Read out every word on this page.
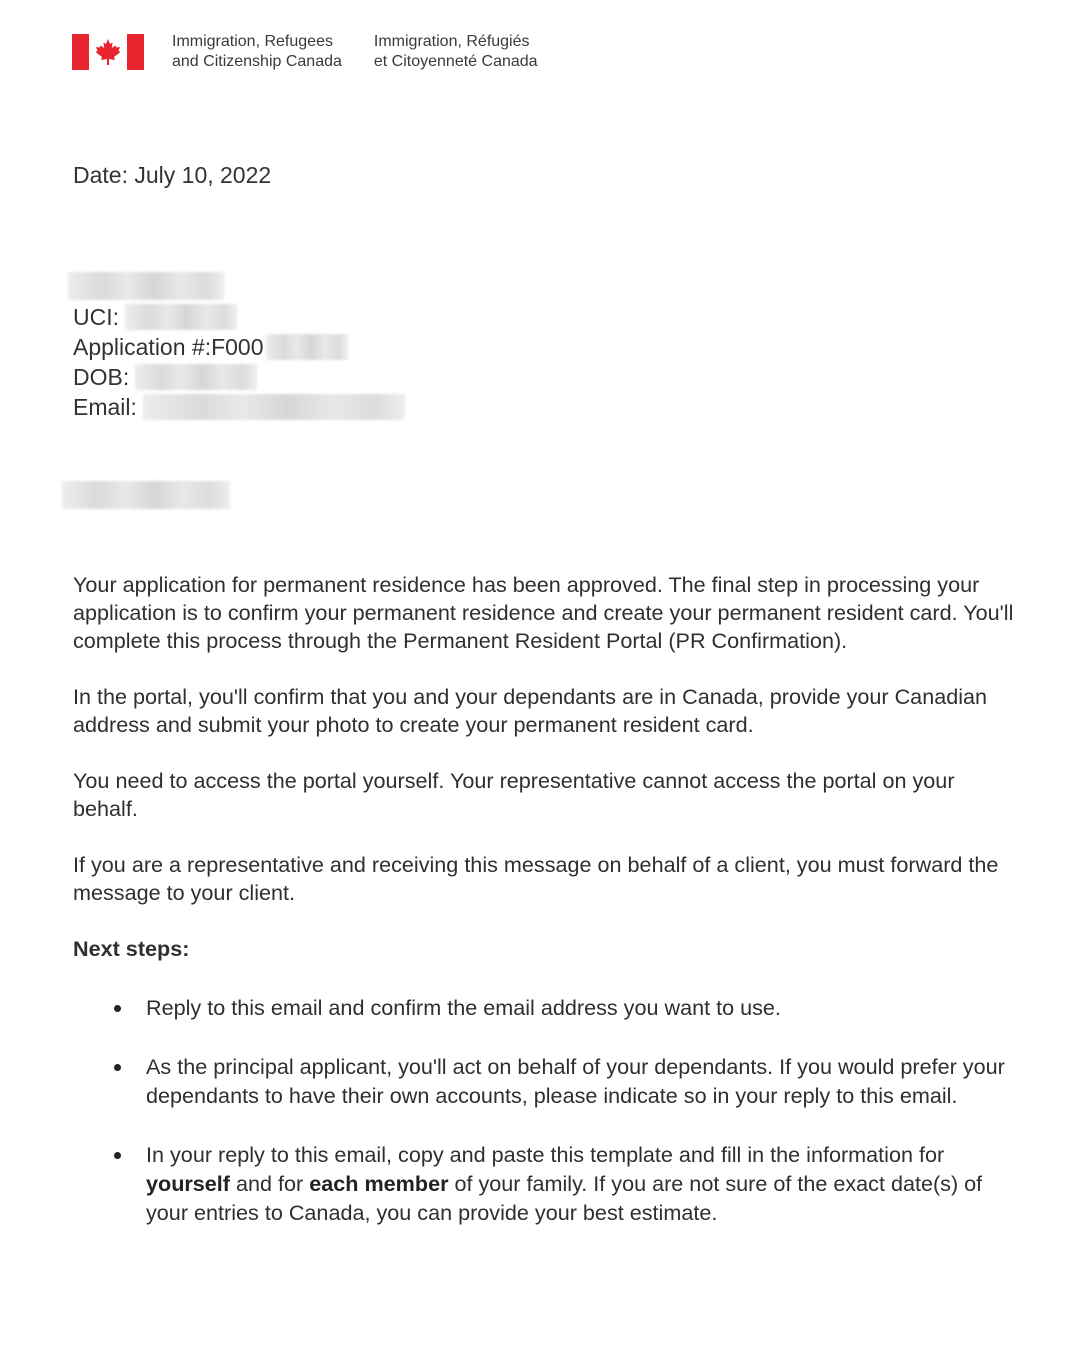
Immigration, Refugees
and Citizenship Canada
Immigration, Réfugiés
et Citoyenneté Canada
Date: July 10, 2022
UCI:
Application #:F000
DOB:
Email:

Your application for permanent residence has been approved. The final step in processing your application is to confirm your permanent residence and create your permanent resident card. You'll complete this process through the Permanent Resident Portal (PR Confirmation).

In the portal, you'll confirm that you and your dependants are in Canada, provide your Canadian address and submit your photo to create your permanent resident card.

You need to access the portal yourself. Your representative cannot access the portal on your behalf.

If you are a representative and receiving this message on behalf of a client, you must forward the message to your client.

Next steps:
Reply to this email and confirm the email address you want to use.
As the principal applicant, you'll act on behalf of your dependants. If you would prefer your dependants to have their own accounts, please indicate so in your reply to this email.
In your reply to this email, copy and paste this template and fill in the information for yourself and for each member of your family. If you are not sure of the exact date(s) of your entries to Canada, you can provide your best estimate.
